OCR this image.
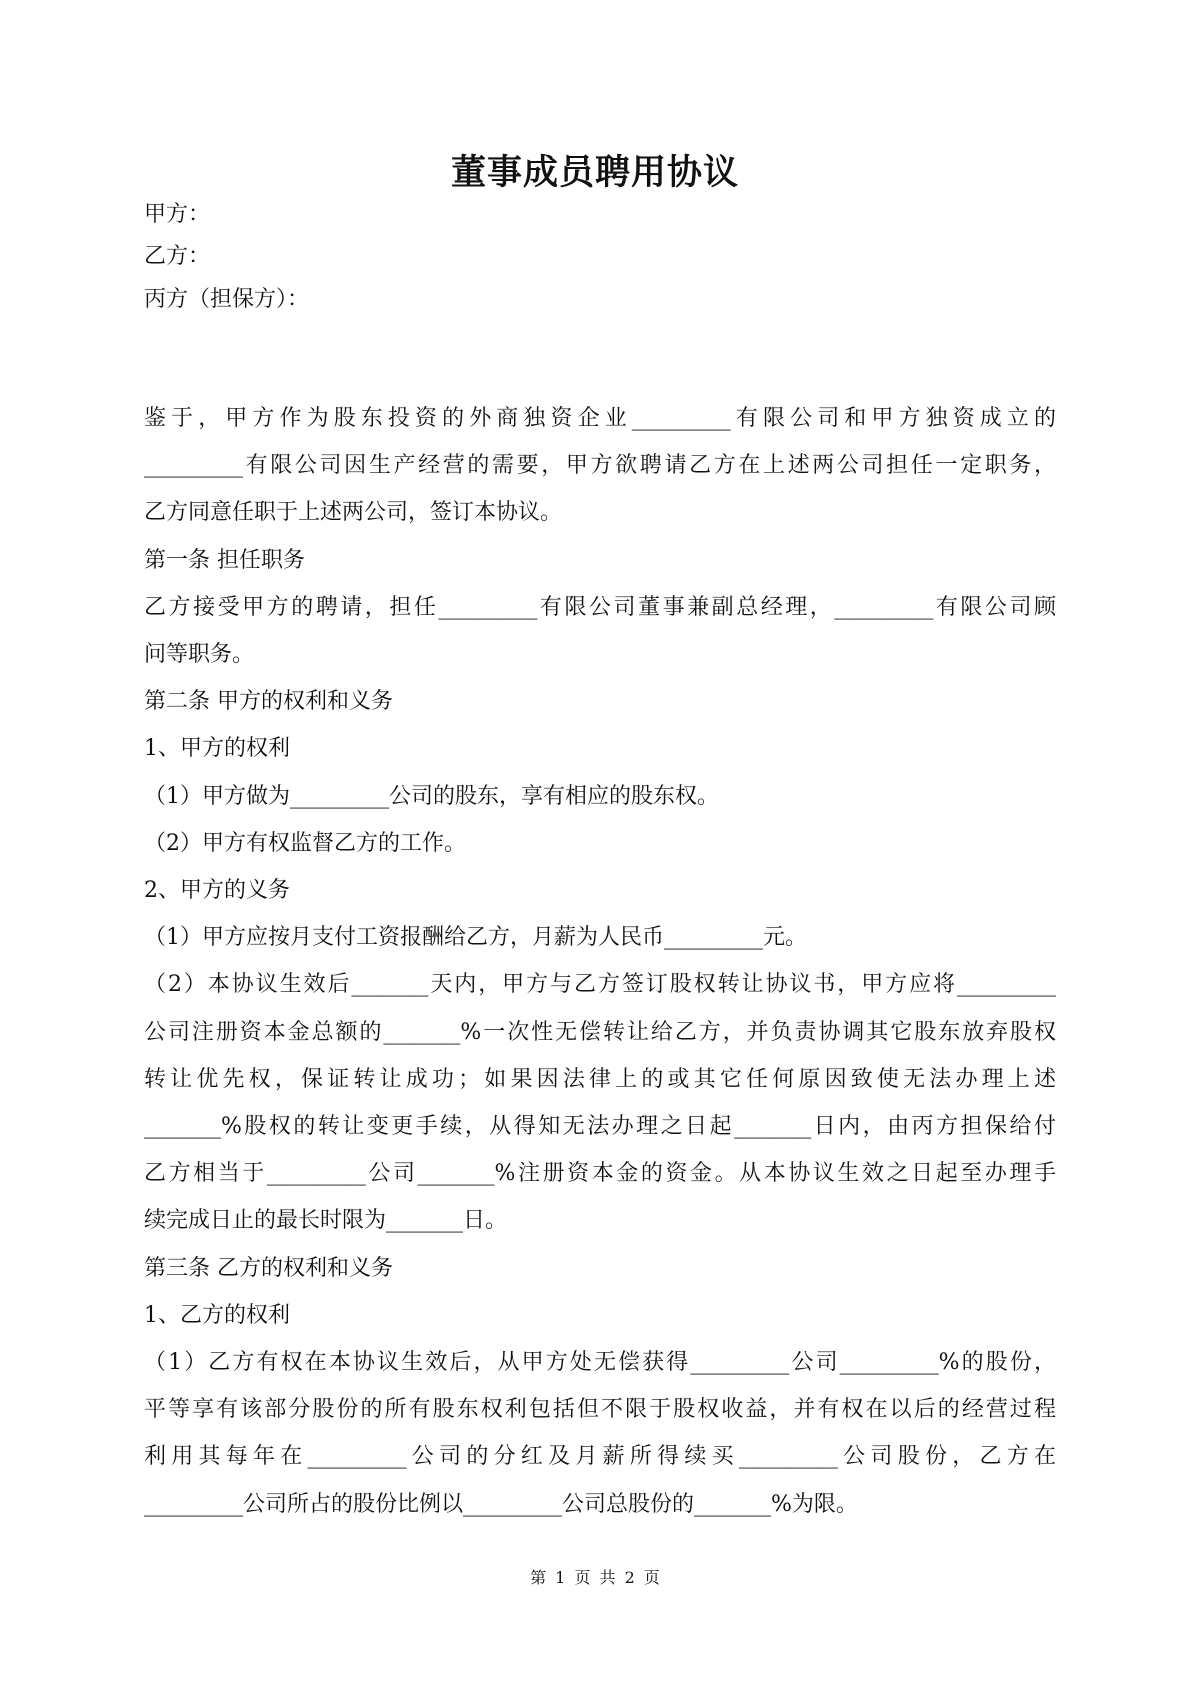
董事成员聘用协议
甲方：
乙方：
丙方（担保方）：

鉴于，甲方作为股东投资的外商独资企业_________有限公司和甲方独资成立的

_________有限公司因生产经营的需要，甲方欲聘请乙方在上述两公司担任一定职务，

乙方同意任职于上述两公司，签订本协议。

第一条 担任职务

乙方接受甲方的聘请，担任_________有限公司董事兼副总经理，_________有限公司顾

问等职务。

第二条 甲方的权利和义务

1、甲方的权利

（1）甲方做为_________公司的股东，享有相应的股东权。

（2）甲方有权监督乙方的工作。

2、甲方的义务

（1）甲方应按月支付工资报酬给乙方，月薪为人民币_________元。

（2）本协议生效后_______天内，甲方与乙方签订股权转让协议书，甲方应将_________

公司注册资本金总额的_______%一次性无偿转让给乙方，并负责协调其它股东放弃股权

转让优先权，保证转让成功；如果因法律上的或其它任何原因致使无法办理上述

_______%股权的转让变更手续，从得知无法办理之日起_______日内，由丙方担保给付

乙方相当于_________公司_______%注册资本金的资金。从本协议生效之日起至办理手

续完成日止的最长时限为_______日。

第三条 乙方的权利和义务

1、乙方的权利

（1）乙方有权在本协议生效后，从甲方处无偿获得_________公司_________%的股份，

平等享有该部分股份的所有股东权利包括但不限于股权收益，并有权在以后的经营过程

利用其每年在_________公司的分红及月薪所得续买_________公司股份，乙方在

_________公司所占的股份比例以_________公司总股份的_______%为限。

第 1 页 共 2 页
